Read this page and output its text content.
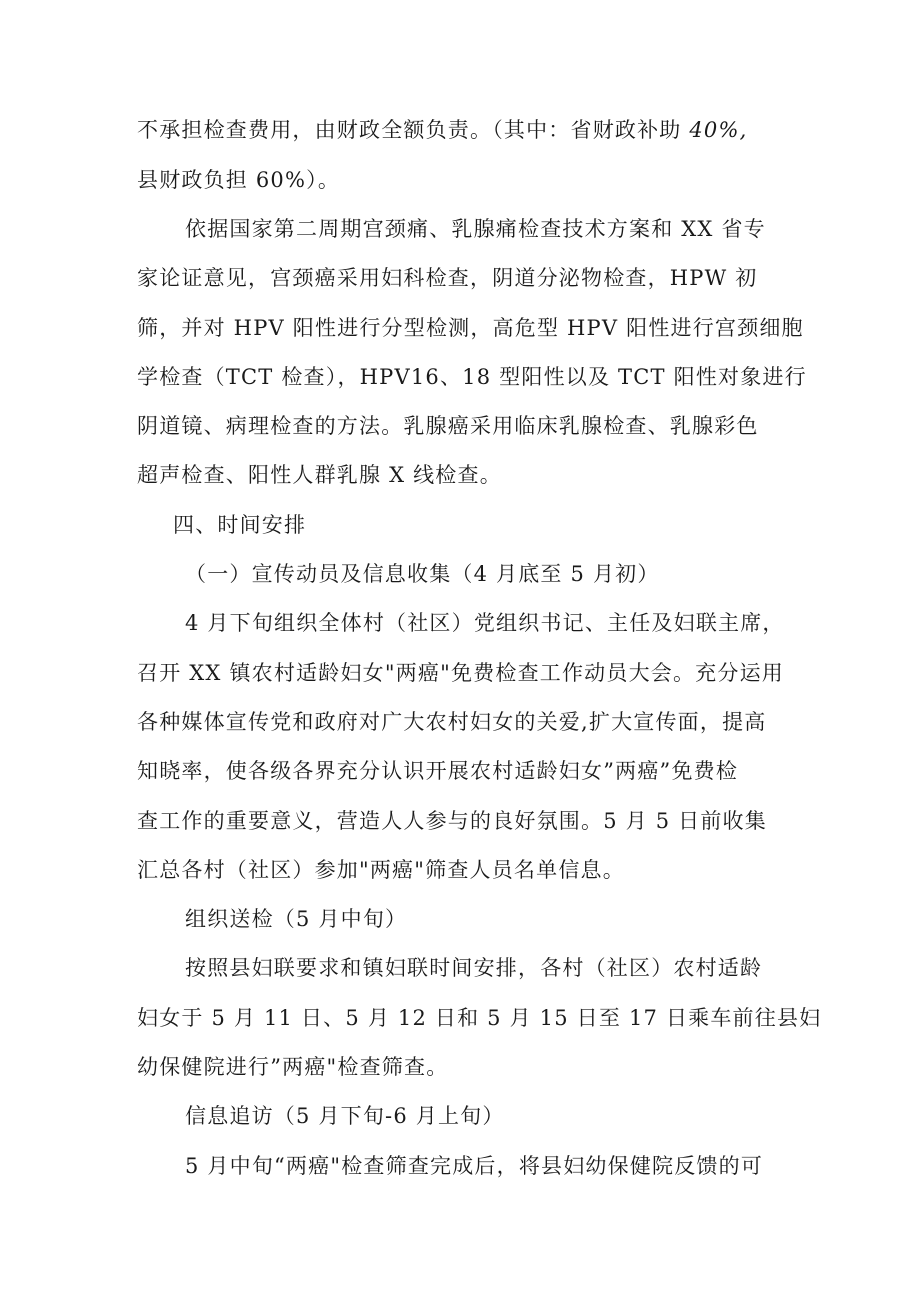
不承担检查费用，由财政全额负责。（其中：省财政补助 40%,
县财政负担 60%）。
依据国家第二周期宫颈痛、乳腺痛检查技术方案和 XX 省专
家论证意见，宫颈癌采用妇科检查，阴道分泌物检查，HPW 初
筛，并对 HPV 阳性进行分型检测，高危型 HPV 阳性进行宫颈细胞
学检查（TCT 检查），HPV16、18 型阳性以及 TCT 阳性对象进行
阴道镜、病理检查的方法。乳腺癌采用临床乳腺检查、乳腺彩色
超声检查、阳性人群乳腺 X 线检查。
四、时间安排
（一）宣传动员及信息收集（4 月底至 5 月初）
4 月下旬组织全体村（社区）党组织书记、主任及妇联主席，
召开 XX 镇农村适龄妇女"两癌"免费检查工作动员大会。充分运用
各种媒体宣传党和政府对广大农村妇女的关爱,扩大宣传面，提高
知晓率，使各级各界充分认识开展农村适龄妇女”两癌”免费检
查工作的重要意义，营造人人参与的良好氛围。5 月 5 日前收集
汇总各村（社区）参加"两癌"筛查人员名单信息。
组织送检（5 月中旬）
按照县妇联要求和镇妇联时间安排，各村（社区）农村适龄
妇女于 5 月 11 日、5 月 12 日和 5 月 15 日至 17 日乘车前往县妇
幼保健院进行”两癌"检查筛查。
信息追访（5 月下旬-6 月上旬）
5 月中旬“两癌"检查筛查完成后，将县妇幼保健院反馈的可
